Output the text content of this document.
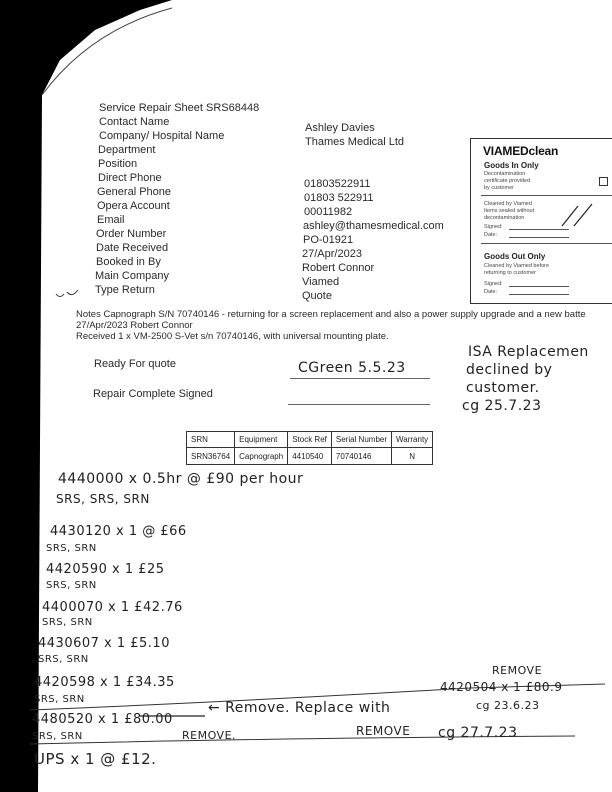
Service Repair Sheet SRS68448
Contact Name	Ashley Davies
Company/ Hospital Name	Thames Medical Ltd
Department
Position
Direct Phone	01803522911
General Phone	01803 522911
Opera Account	00011982
Email	ashley@thamesmedical.com
Order Number	PO-01921
Date Received	27/Apr/2023
Booked in By	Robert Connor
Main Company	Viamed
Type Return	Quote
VIAMEDclean
Goods In Only
Decontamination
certificate provided
by customer
Cleaned by Viamed
Items sealed without
decontamination
Signed:
Date:
Goods Out Only
Cleaned by Viamed before
returning to customer
Signed:
Date:
Notes Capnograph S/N 70740146 - returning for a screen replacement and also a power supply upgrade and a new batte
27/Apr/2023 Robert Connor
Received 1 x VM-2500 S-Vet s/n 70740146, with universal mounting plate.
Ready For quote	CGreen 5.5.23
Repair Complete Signed
ISA Replacemen
declined by
customer.
cg 25.7.23
SRN	Equipment	Stock Ref	Serial Number	Warranty
SRN36764	Capnograph	4410540	70740146	N
4440000 x 0.5hr @ £90 per hour
SRS, SRS, SRN
4430120 x 1 @ £66
SRS, SRN
4420590 x 1 £25
SRS, SRN
4400070 x 1 £42.76
SRS, SRN
4430607 x 1 £5.10
SRS, SRN
4420598 x 1 £34.35
SRS, SRN
4480520 x 1 £80.00
SRS, SRN
UPS x 1 @ £12.
REMOVE
4420504 x 1 £80.9
cg 23.6.23
← Remove. Replace with
REMOVE.	REMOVE cg 27.7.23
